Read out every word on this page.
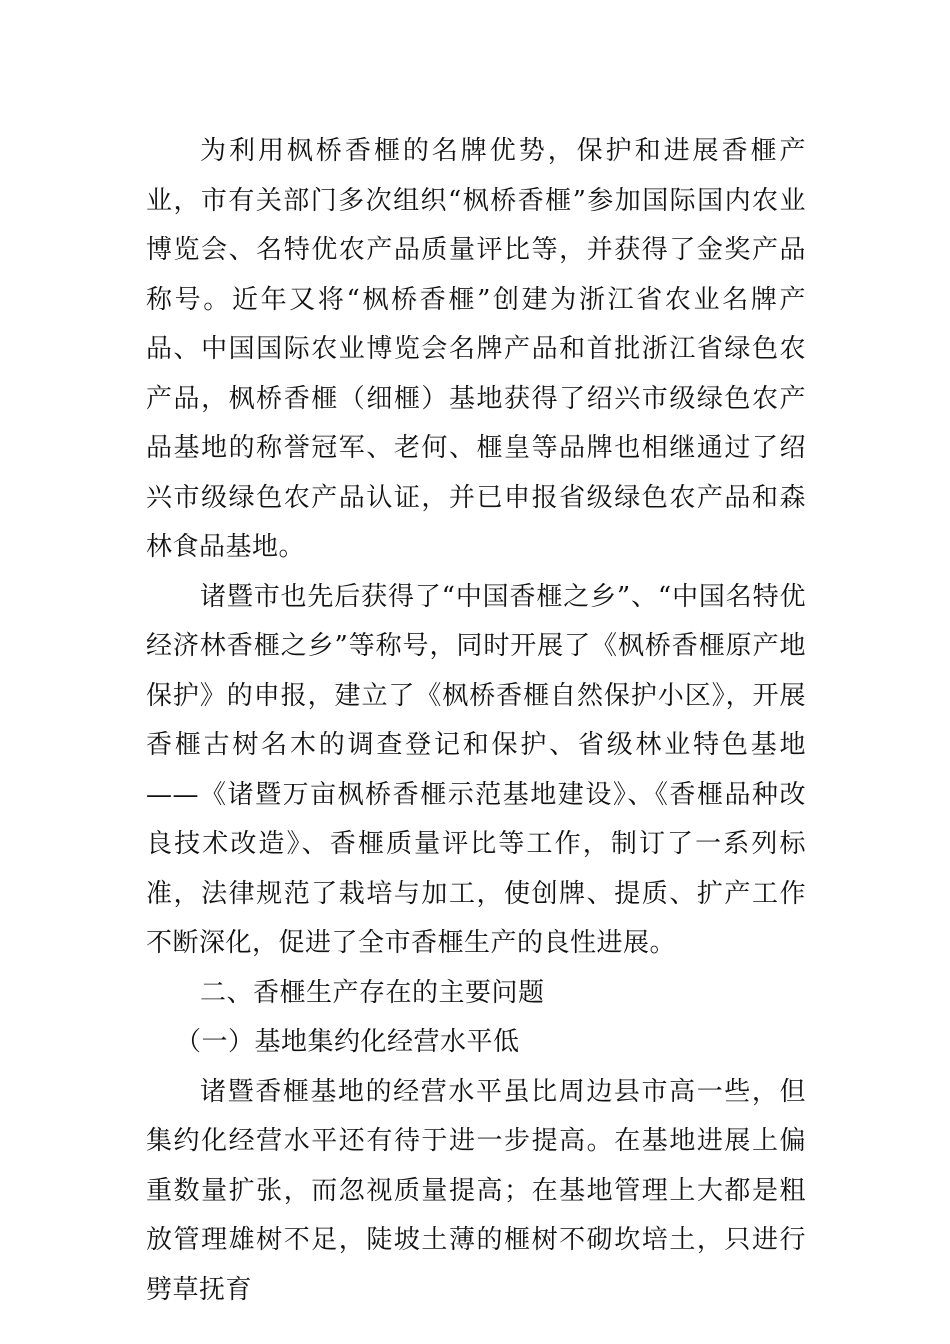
为利用枫桥香榧的名牌优势，保护和进展香榧产业，市有关部门多次组织“枫桥香榧”参加国际国内农业博览会、名特优农产品质量评比等，并获得了金奖产品称号。近年又将“枫桥香榧”创建为浙江省农业名牌产品、中国国际农业博览会名牌产品和首批浙江省绿色农产品，枫桥香榧（细榧）基地获得了绍兴市级绿色农产品基地的称誉冠军、老何、榧皇等品牌也相继通过了绍兴市级绿色农产品认证，并已申报省级绿色农产品和森林食品基地。

诸暨市也先后获得了“中国香榧之乡”、“中国名特优经济林香榧之乡”等称号，同时开展了《枫桥香榧原产地保护》的申报，建立了《枫桥香榧自然保护小区》，开展香榧古树名木的调查登记和保护、省级林业特色基地——《诸暨万亩枫桥香榧示范基地建设》、《香榧品种改良技术改造》、香榧质量评比等工作，制订了一系列标准，法律规范了栽培与加工，使创牌、提质、扩产工作不断深化，促进了全市香榧生产的良性进展。

二、香榧生产存在的主要问题

（一）基地集约化经营水平低

诸暨香榧基地的经营水平虽比周边县市高一些，但集约化经营水平还有待于进一步提高。在基地进展上偏重数量扩张，而忽视质量提高；在基地管理上大都是粗放管理雄树不足，陡坡土薄的榧树不砌坎培土，只进行劈草抚育
